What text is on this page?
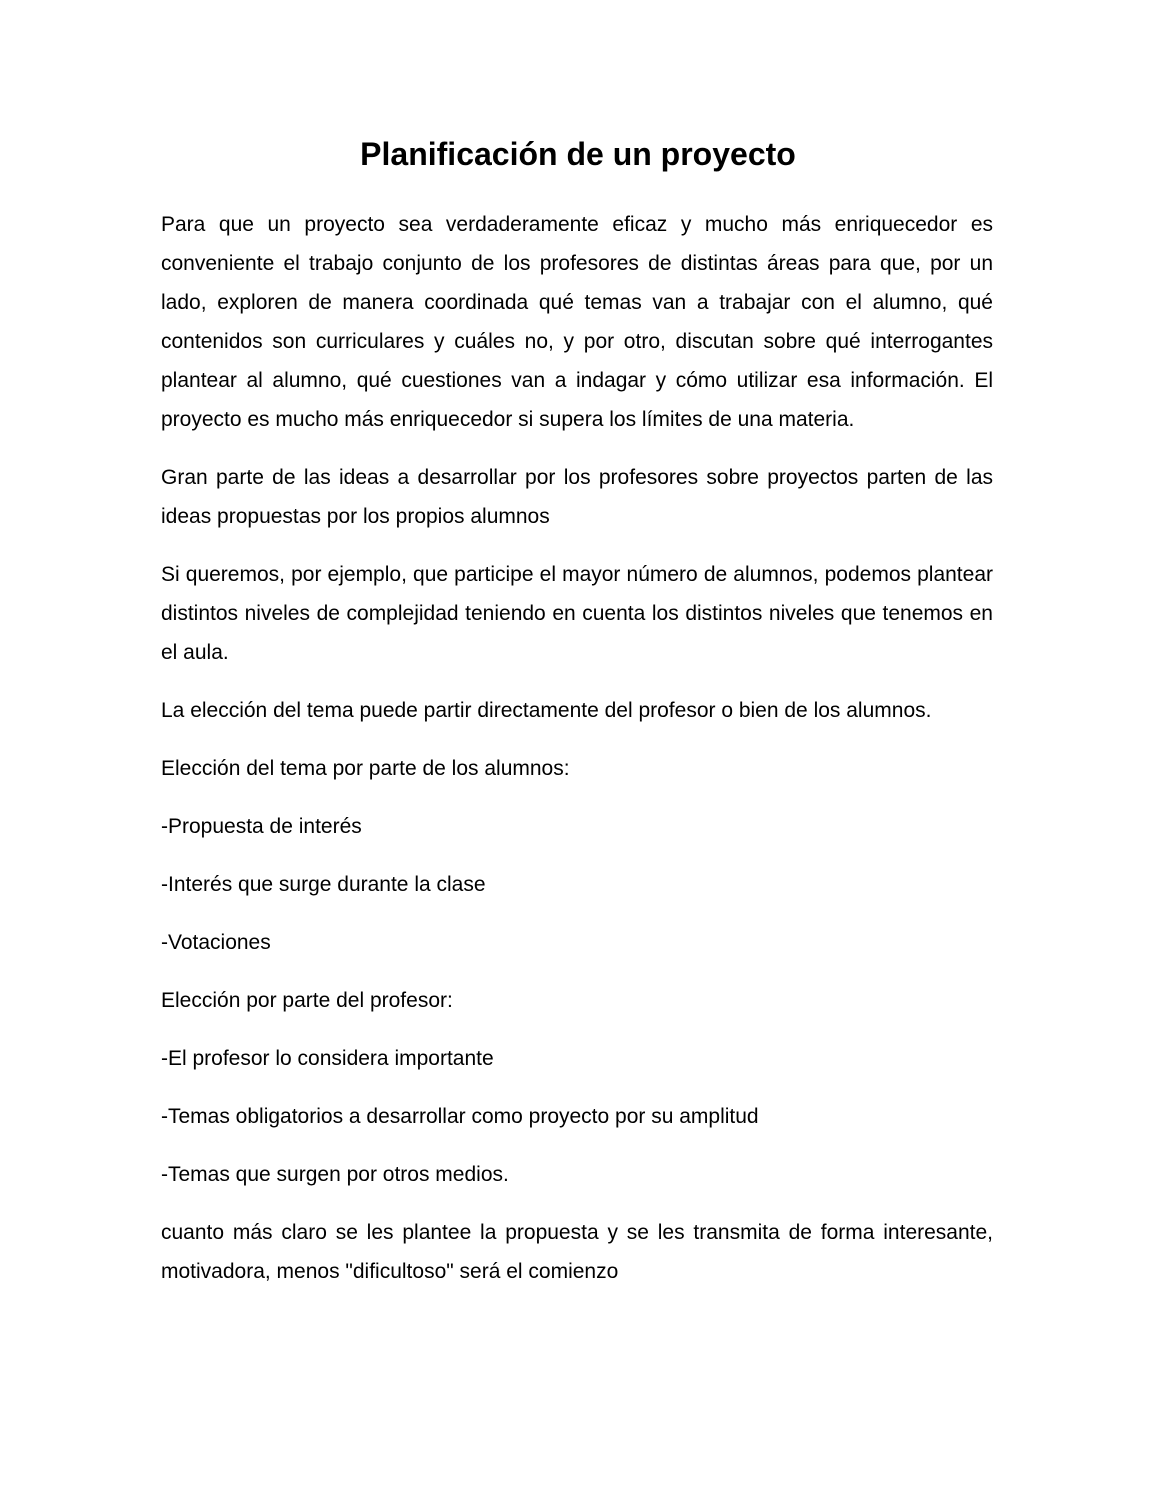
Planificación de un proyecto

Para que un proyecto sea verdaderamente eficaz y mucho más enriquecedor es conveniente el trabajo conjunto de los profesores de distintas áreas para que, por un lado, exploren de manera coordinada qué temas van a trabajar con el alumno, qué contenidos son curriculares y cuáles no, y por otro, discutan sobre qué interrogantes plantear al alumno, qué cuestiones van a indagar y cómo utilizar esa información. El proyecto es mucho más enriquecedor si supera los límites de una materia.

Gran parte de las ideas a desarrollar por los profesores sobre proyectos parten de las ideas propuestas por los propios alumnos

Si queremos, por ejemplo, que participe el mayor número de alumnos, podemos plantear distintos niveles de complejidad teniendo en cuenta los distintos niveles que tenemos en el aula.

La elección del tema puede partir directamente del profesor o bien de los alumnos.

Elección del tema por parte de los alumnos:

-Propuesta de interés

-Interés que surge durante la clase

-Votaciones

Elección por parte del profesor:

-El profesor lo considera importante

-Temas obligatorios a desarrollar como proyecto por su amplitud

-Temas que surgen por otros medios.

cuanto más claro se les plantee la propuesta y se les transmita de forma interesante, motivadora, menos "dificultoso" será el comienzo
